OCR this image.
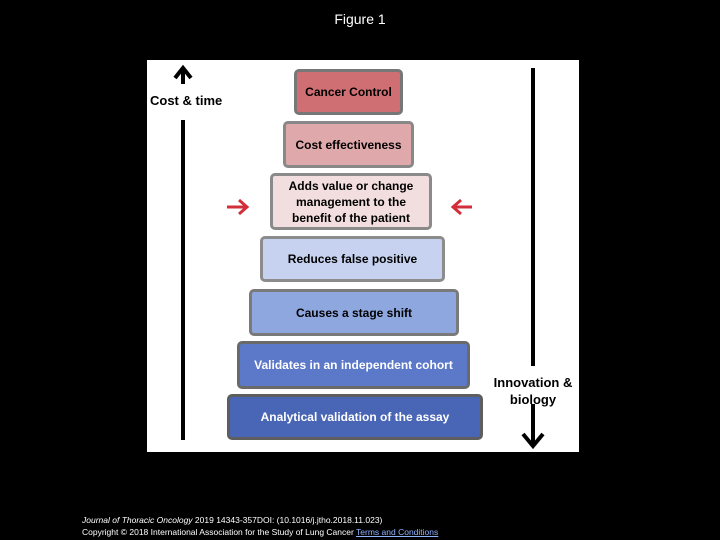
Figure 1
Cost & time
Innovation &
biology
Cancer Control
Cost effectiveness
Adds value or change
management to the
benefit of the patient
Reduces false positive
Causes a stage shift
Validates in an independent cohort
Analytical validation of the assay
Journal of Thoracic Oncology 2019 14343-357DOI: (10.1016/j.jtho.2018.11.023)
Copyright © 2018 International Association for the Study of Lung Cancer Terms and Conditions
